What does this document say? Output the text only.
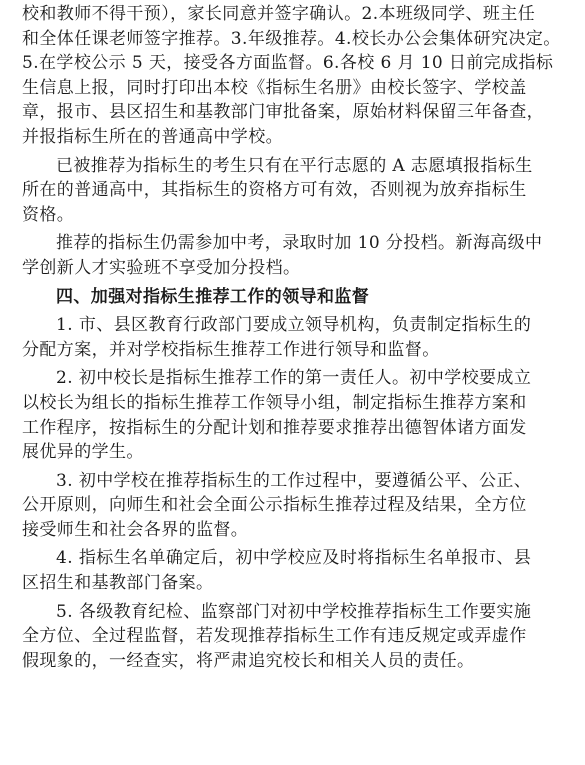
校和教师不得干预），家长同意并签字确认。2.本班级同学、班主任
和全体任课老师签字推荐。3.年级推荐。4.校长办公会集体研究决定。
5.在学校公示 5 天，接受各方面监督。6.各校 6 月 10 日前完成指标
生信息上报，同时打印出本校《指标生名册》由校长签字、学校盖
章，报市、县区招生和基教部门审批备案，原始材料保留三年备查，
并报指标生所在的普通高中学校。
已被推荐为指标生的考生只有在平行志愿的 A 志愿填报指标生
所在的普通高中，其指标生的资格方可有效，否则视为放弃指标生
资格。
推荐的指标生仍需参加中考，录取时加 10 分投档。新海高级中
学创新人才实验班不享受加分投档。
四、加强对指标生推荐工作的领导和监督
1. 市、县区教育行政部门要成立领导机构，负责制定指标生的
分配方案，并对学校指标生推荐工作进行领导和监督。
2. 初中校长是指标生推荐工作的第一责任人。初中学校要成立
以校长为组长的指标生推荐工作领导小组，制定指标生推荐方案和
工作程序，按指标生的分配计划和推荐要求推荐出德智体诸方面发
展优异的学生。
3. 初中学校在推荐指标生的工作过程中，要遵循公平、公正、
公开原则，向师生和社会全面公示指标生推荐过程及结果，全方位
接受师生和社会各界的监督。
4. 指标生名单确定后，初中学校应及时将指标生名单报市、县
区招生和基教部门备案。
5. 各级教育纪检、监察部门对初中学校推荐指标生工作要实施
全方位、全过程监督，若发现推荐指标生工作有违反规定或弄虚作
假现象的，一经查实，将严肃追究校长和相关人员的责任。
